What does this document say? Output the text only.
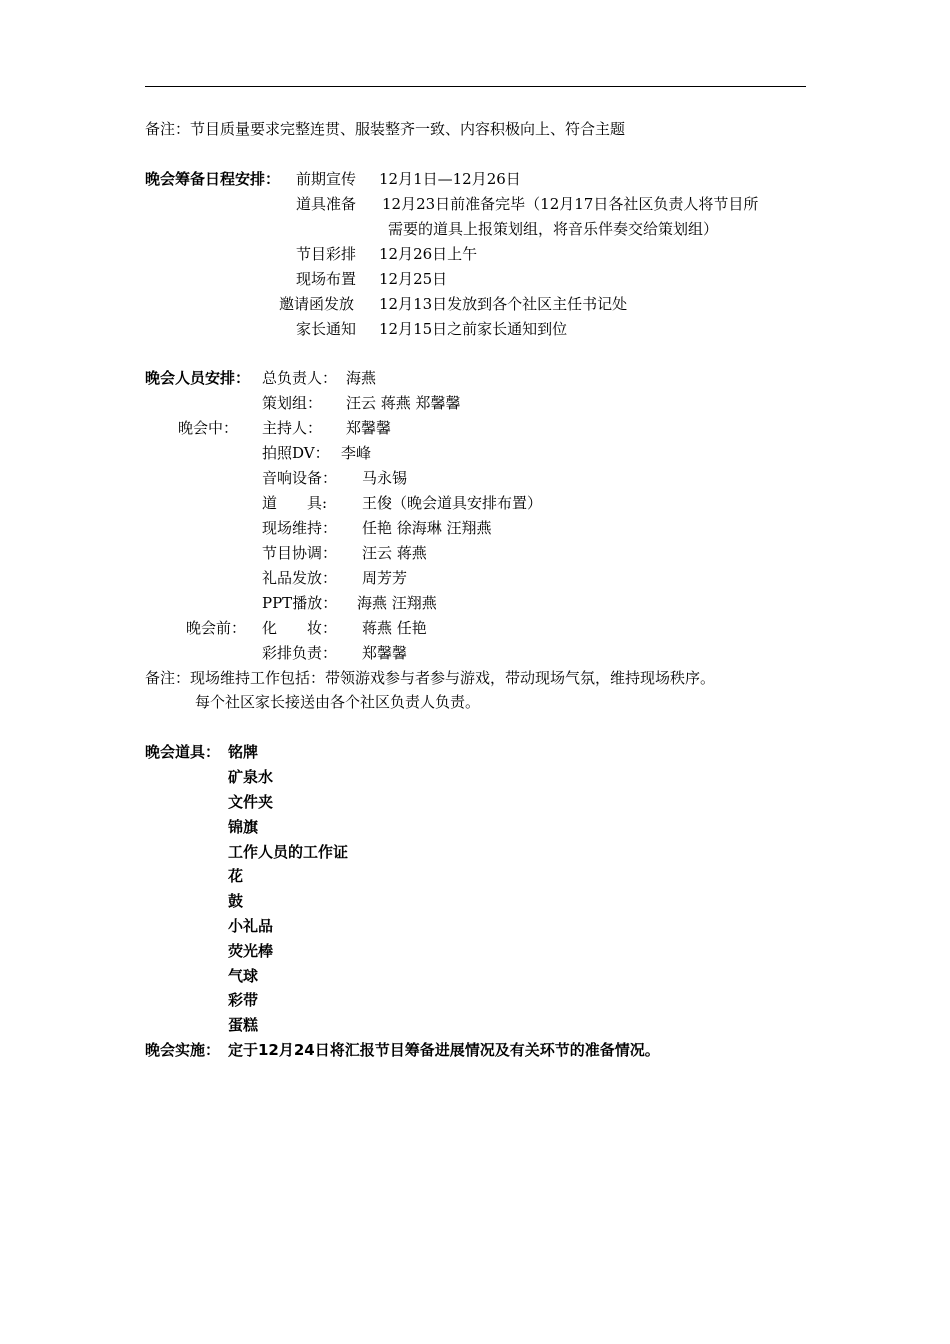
备注：节目质量要求完整连贯、服装整齐一致、内容积极向上、符合主题
晚会筹备日程安排： 前期宣传 12月1日—12月26日
道具准备 12月23日前准备完毕（12月17日各社区负责人将节目所
需要的道具上报策划组，将音乐伴奏交给策划组）
节目彩排 12月26日上午
现场布置 12月25日
邀请函发放 12月13日发放到各个社区主任书记处
家长通知 12月15日之前家长通知到位
晚会人员安排： 总负责人： 海燕
策划组： 汪云 蒋燕 郑馨馨
晚会中： 主持人： 郑馨馨
拍照DV： 李峰
音响设备： 马永锡
道　　具: 王俊（晚会道具安排布置）
现场维持： 任艳 徐海琳 汪翔燕
节目协调： 汪云 蒋燕
礼品发放： 周芳芳
PPT播放： 海燕 汪翔燕
晚会前： 化　　妆： 蒋燕 任艳
彩排负责： 郑馨馨
备注：现场维持工作包括：带领游戏参与者参与游戏，带动现场气氛，维持现场秩序。
每个社区家长接送由各个社区负责人负责。
晚会道具： 铭牌
矿泉水
文件夹
锦旗
工作人员的工作证
花
鼓
小礼品
荧光棒
气球
彩带
蛋糕
晚会实施： 定于12月24日将汇报节目筹备进展情况及有关环节的准备情况。
